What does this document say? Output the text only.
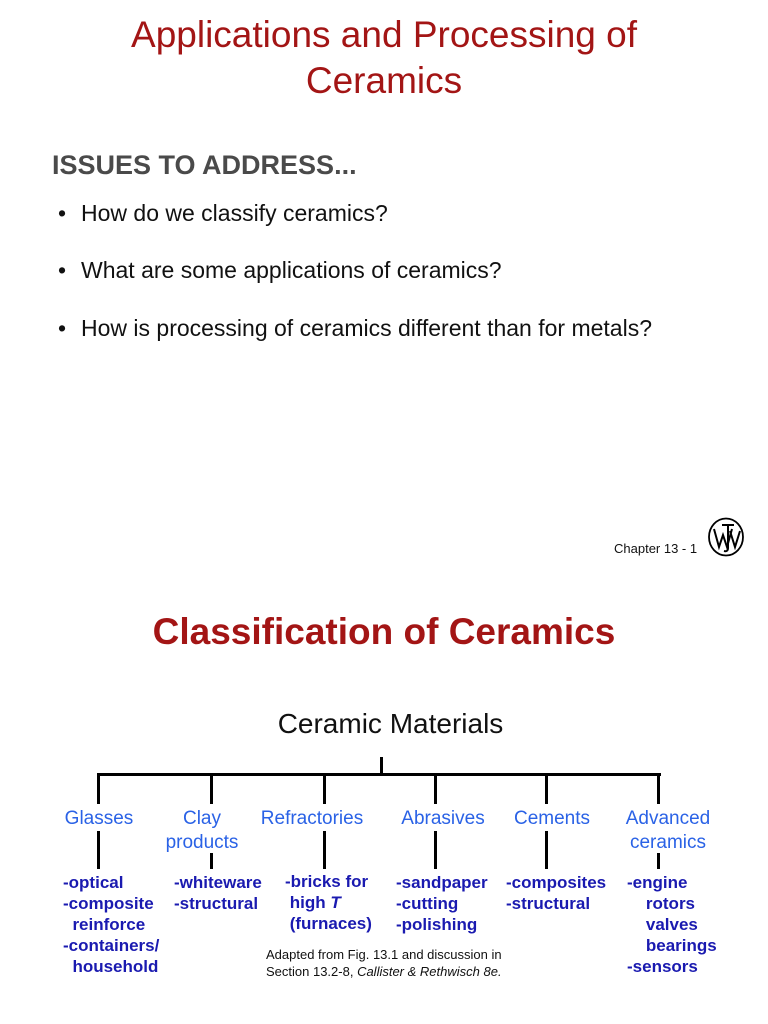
Applications and Processing of
Ceramics
ISSUES TO ADDRESS...
• How do we classify ceramics?
• What are some applications of ceramics?
• How is processing of ceramics different than for metals?
Chapter 13 - 1
Classification of Ceramics
Ceramic Materials
Glasses	Clay
products
Refractories	Abrasives	Cements	Advanced
ceramics
-optical
-composite
reinforce
-containers/
household
-whiteware
-structural
-bricks for
high T
(furnaces)
-sandpaper
-cutting
-polishing
-composites
-structural
-engine
rotors
valves
bearings
-sensors
Adapted from Fig. 13.1 and discussion in
Section 13.2-8, Callister & Rethwisch 8e.
